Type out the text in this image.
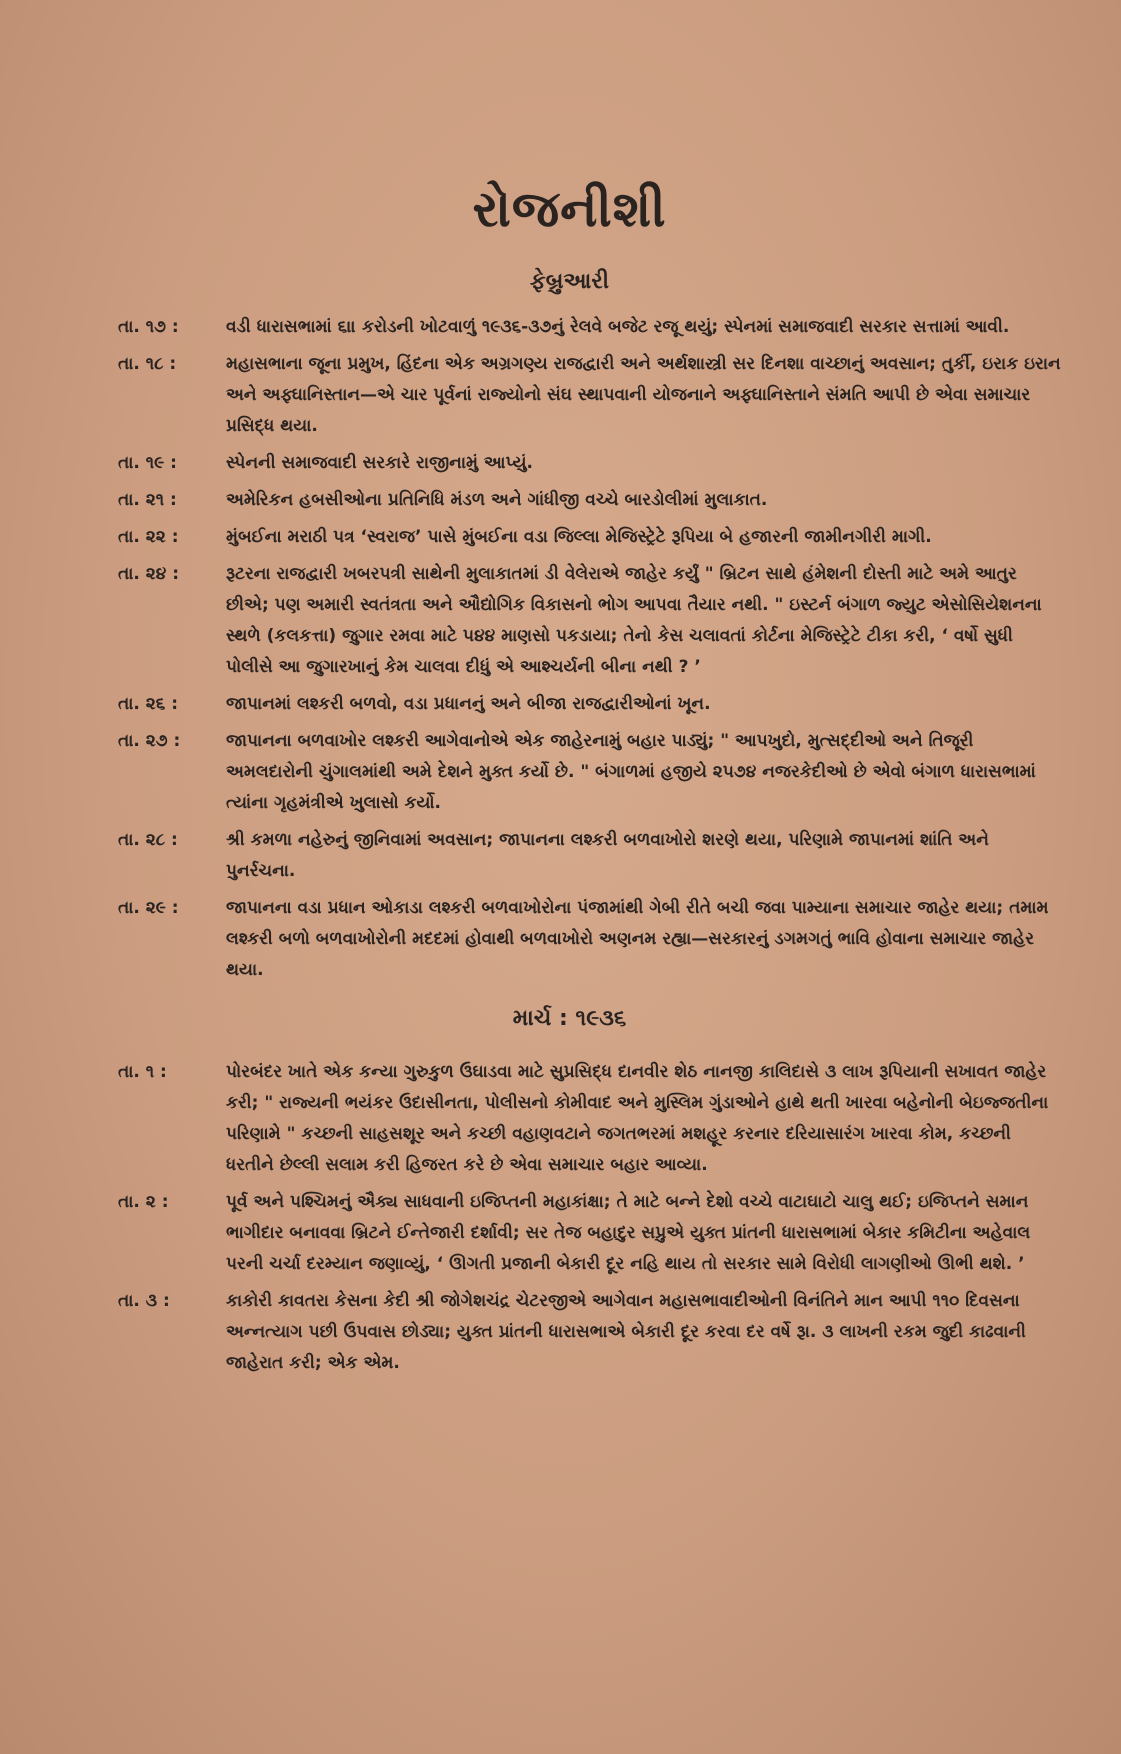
રોજનીશી
ફેબ્રુઆરી
તા. ૧૭ :	વડી ધારાસભામાં ૬॥ કરોડની ખોટવાળું ૧૯૩૬-૩૭નું રેલવે બજેટ રજૂ થયું; સ્પેનમાં સમાજવાદી સરકાર સત્તામાં આવી.
તા. ૧૮ :	મહાસભાના જૂના પ્રમુખ, હિંદના એક અગ્રગણ્ય રાજદ્વારી અને અર્થશાસ્ત્રી સર દિનશા વાચ્છાનું અવસાન; તુર્કી, ઇરાક ઇરાન અને અફ્ઘાનિસ્તાન—એ ચાર પૂર્વનાં રાજ્યોનો સંઘ સ્થાપવાની યોજનાને અફ્ઘાનિસ્તાને સંમતિ આપી છે એવા સમાચાર પ્રસિદ્ધ થયા.
તા. ૧૯ :	સ્પેનની સમાજવાદી સરકારે રાજીનામું આપ્યું.
તા. ૨૧ :	અમેરિકન હબસીઓના પ્રતિનિધિ મંડળ અને ગાંધીજી વચ્ચે બારડોલીમાં મુલાકાત.
તા. ૨૨ :	મુંબઈના મરાઠી પત્ર ‘સ્વરાજ’ પાસે મુંબઈના વડા જિલ્લા મેજિસ્ટ્રેટે રૂપિયા બે હજારની જામીનગીરી માગી.
તા. ૨૪ :	રૂટરના રાજદ્વારી ખબરપત્રી સાથેની મુલાકાતમાં ડી વેલેરાએ જાહેર કર્યું " બ્રિટન સાથે હંમેશની દોસ્તી માટે અમે આતુર છીએ; પણ અમારી સ્વતંત્રતા અને ઔદ્યોગિક વિકાસનો ભોગ આપવા તૈયાર નથી. " ઇસ્ટર્ન બંગાળ જ્યુટ એસોસિયેશનના સ્થળે (કલકત્તા) જુગાર રમવા માટે ૫૪૪ માણસો પકડાયા; તેનો કેસ ચલાવતાં કોર્ટના મેજિસ્ટ્રેટે ટીકા કરી, ‘ વર્ષો સુધી પોલીસે આ જુગારખાનું કેમ ચાલવા દીધું એ આશ્ચર્યની બીના નથી ? ’
તા. ૨૬ :	જાપાનમાં લશ્કરી બળવો, વડા પ્રધાનનું અને બીજા રાજદ્વારીઓનાં ખૂન.
તા. ૨૭ :	જાપાનના બળવાખોર લશ્કરી આગેવાનોએ એક જાહેરનામું બહાર પાડ્યું; " આપખુદો, મુત્સદ્દીઓ અને તિજૂરી અમલદારોની ચુંગાલમાંથી અમે દેશને મુક્ત કર્યો છે. " બંગાળમાં હજીયે ૨૫૭૪ નજરકેદીઓ છે એવો બંગાળ ધારાસભામાં ત્યાંના ગૃહમંત્રીએ ખુલાસો કર્યો.
તા. ૨૮ :	શ્રી કમળા નહેરુનું જીનિવામાં અવસાન; જાપાનના લશ્કરી બળવાખોરો શરણે થયા, પરિણામે જાપાનમાં શાંતિ અને પુનર્રચના.
તા. ૨૯ :	જાપાનના વડા પ્રધાન ઓકાડા લશ્કરી બળવાખોરોના પંજામાંથી ગેબી રીતે બચી જવા પામ્યાના સમાચાર જાહેર થયા; તમામ લશ્કરી બળો બળવાખોરોની મદદમાં હોવાથી બળવાખોરો અણનમ રહ્યા—સરકારનું ડગમગતું ભાવિ હોવાના સમાચાર જાહેર થયા.
માર્ચ : ૧૯૩૬
તા. ૧ :	પોરબંદર ખાતે એક કન્યા ગુરુકુળ ઉઘાડવા માટે સુપ્રસિદ્ધ દાનવીર શેઠ નાનજી કાલિદાસે ૩ લાખ રૂપિયાની સખાવત જાહેર કરી; " રાજ્યની ભયંકર ઉદાસીનતા, પોલીસનો કોમીવાદ અને મુસ્લિમ ગુંડાઓને હાથે થતી ખારવા બહેનોની બેઇજ્જતીના પરિણામે " કચ્છની સાહસશૂર અને કચ્છી વહાણવટાને જગતભરમાં મશહૂર કરનાર દરિયાસારંગ ખારવા કોમ, કચ્છની ધરતીને છેલ્લી સલામ કરી હિજરત કરે છે એવા સમાચાર બહાર આવ્યા.
તા. ૨ :	પૂર્વ અને પશ્ચિમનું ઐક્ય સાધવાની ઇજિપ્તની મહાકાંક્ષા; તે માટે બન્ને દેશો વચ્ચે વાટાઘાટો ચાલુ થઈ; ઇજિપ્તને સમાન ભાગીદાર બનાવવા બ્રિટને ઈન્તેજારી દર્શાવી; સર તેજ બહાદુર સપ્રુએ યુક્ત પ્રાંતની ધારાસભામાં બેકાર કમિટીના અહેવાલ પરની ચર્ચા દરમ્યાન જણાવ્યું, ‘ ઊગતી પ્રજાની બેકારી દૂર નહિ થાય તો સરકાર સામે વિરોધી લાગણીઓ ઊભી થશે. ’
તા. ૩ :	કાકોરી કાવતરા કેસના કેદી શ્રી જોગેશચંદ્ર ચેટરજીએ આગેવાન મહાસભાવાદીઓની વિનંતિને માન આપી ૧૧૦ દિવસના અન્નત્યાગ પછી ઉપવાસ છોડ્યા; યુક્ત પ્રાંતની ધારાસભાએ બેકારી દૂર કરવા દર વર્ષે રૂા. ૩ લાખની રકમ જુદી કાઢવાની જાહેરાત કરી; એક એમ.
